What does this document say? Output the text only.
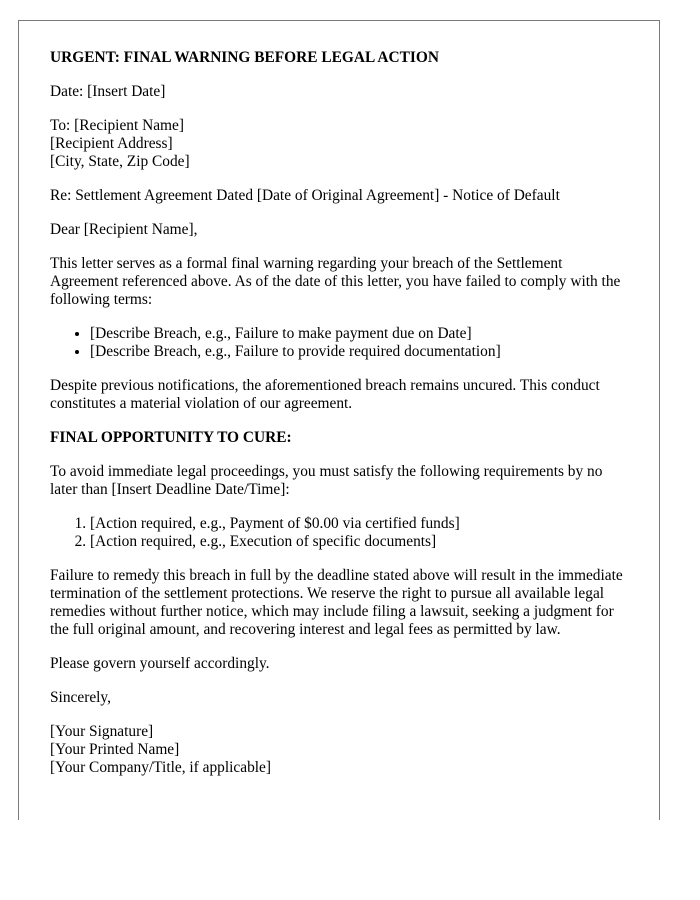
URGENT: FINAL WARNING BEFORE LEGAL ACTION

Date: [Insert Date]

To: [Recipient Name]
[Recipient Address]
[City, State, Zip Code]

Re: Settlement Agreement Dated [Date of Original Agreement] - Notice of Default

Dear [Recipient Name],

This letter serves as a formal final warning regarding your breach of the Settlement Agreement referenced above. As of the date of this letter, you have failed to comply with the following terms:

• [Describe Breach, e.g., Failure to make payment due on Date]
• [Describe Breach, e.g., Failure to provide required documentation]

Despite previous notifications, the aforementioned breach remains uncured. This conduct constitutes a material violation of our agreement.

FINAL OPPORTUNITY TO CURE:

To avoid immediate legal proceedings, you must satisfy the following requirements by no later than [Insert Deadline Date/Time]:

1. [Action required, e.g., Payment of $0.00 via certified funds]
2. [Action required, e.g., Execution of specific documents]

Failure to remedy this breach in full by the deadline stated above will result in the immediate termination of the settlement protections. We reserve the right to pursue all available legal remedies without further notice, which may include filing a lawsuit, seeking a judgment for the full original amount, and recovering interest and legal fees as permitted by law.

Please govern yourself accordingly.

Sincerely,

[Your Signature]
[Your Printed Name]
[Your Company/Title, if applicable]
